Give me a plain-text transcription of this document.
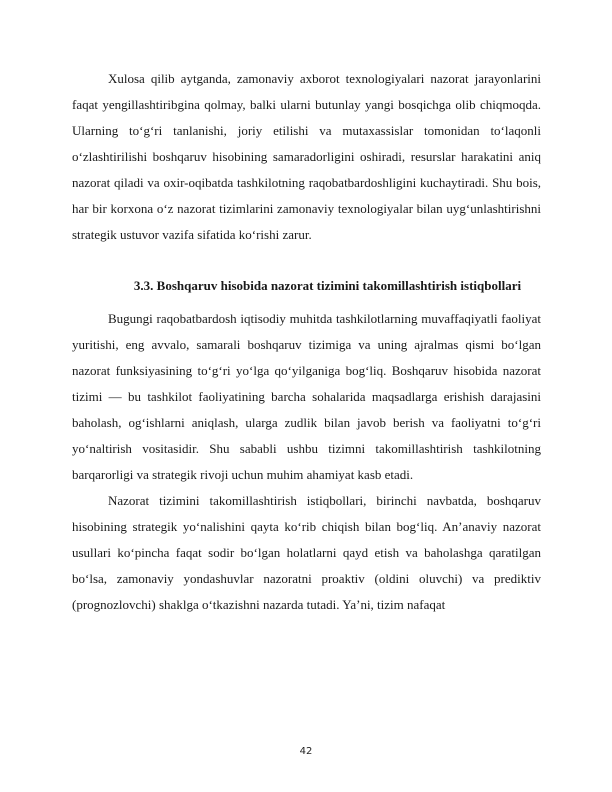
Xulosa qilib aytganda, zamonaviy axborot texnologiyalari nazorat jarayonlarini faqat yengillashtiribgina qolmay, balki ularni butunlay yangi bosqichga olib chiqmoqda. Ularning to‘g‘ri tanlanishi, joriy etilishi va mutaxassislar tomonidan to‘laqonli o‘zlashtirilishi boshqaruv hisobining samaradorligini oshiradi, resurslar harakatini aniq nazorat qiladi va oxir-oqibatda tashkilotning raqobatbardoshligini kuchaytiradi. Shu bois, har bir korxona o‘z nazorat tizimlarini zamonaviy texnologiyalar bilan uyg‘unlashtirishni strategik ustuvor vazifa sifatida ko‘rishi zarur.

3.3. Boshqaruv hisobida nazorat tizimini takomillashtirish istiqbollari

Bugungi raqobatbardosh iqtisodiy muhitda tashkilotlarning muvaffaqiyatli faoliyat yuritishi, eng avvalo, samarali boshqaruv tizimiga va uning ajralmas qismi bo‘lgan nazorat funksiyasining to‘g‘ri yo‘lga qo‘yilganiga bog‘liq. Boshqaruv hisobida nazorat tizimi — bu tashkilot faoliyatining barcha sohalarida maqsadlarga erishish darajasini baholash, og‘ishlarni aniqlash, ularga zudlik bilan javob berish va faoliyatni to‘g‘ri yo‘naltirish vositasidir. Shu sababli ushbu tizimni takomillashtirish tashkilotning barqarorligi va strategik rivoji uchun muhim ahamiyat kasb etadi.

Nazorat tizimini takomillashtirish istiqbollari, birinchi navbatda, boshqaruv hisobining strategik yo‘nalishini qayta ko‘rib chiqish bilan bog‘liq. An’anaviy nazorat usullari ko‘pincha faqat sodir bo‘lgan holatlarni qayd etish va baholashga qaratilgan bo‘lsa, zamonaviy yondashuvlar nazoratni proaktiv (oldini oluvchi) va prediktiv (prognozlovchi) shaklga o‘tkazishni nazarda tutadi. Ya’ni, tizim nafaqat

42
